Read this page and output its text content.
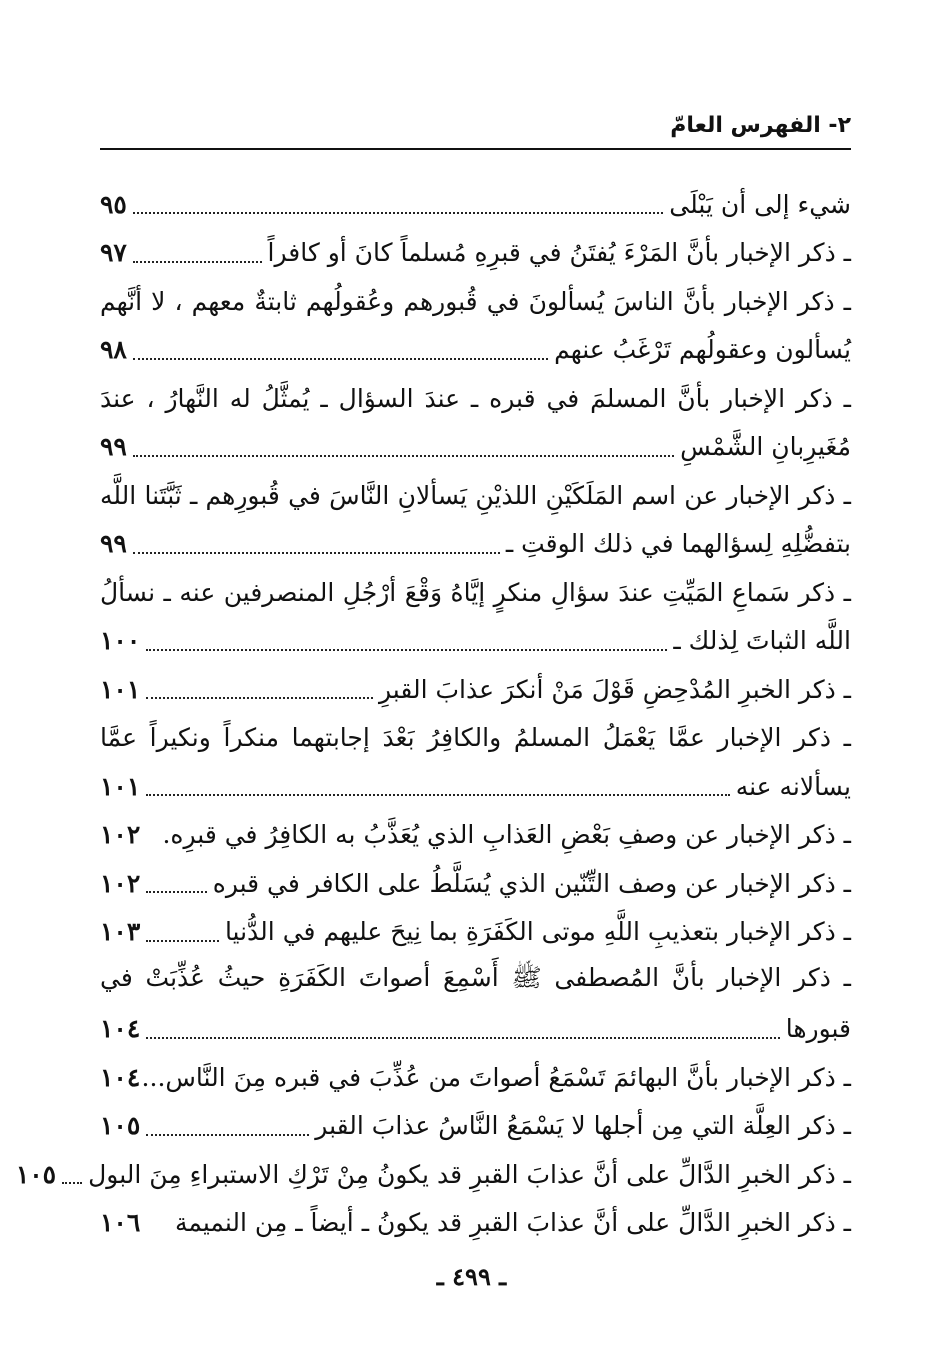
٢- الفهرس العامّ
شيء إلى أن يَبْلَى
٩٥
ـ ذكر الإخبار بأنَّ المَرْءَ يُفتَنُ في قبرِهِ مُسلماً كانَ أو كافراً
٩٧
ـ ذكر الإخبار بأنَّ الناسَ يُسألونَ في قُبورهم وعُقولُهم ثابتةٌ معهم ، لا أنَّهم
يُسألون وعقولُهم تَرْغَبُ عنهم
٩٨
ـ ذكر الإخبار بأنَّ المسلمَ في قبره ـ عندَ السؤال ـ يُمثَّلُ له النَّهارُ ، عندَ
مُغَيرِبانِ الشَّمْسِ
٩٩
ـ ذكر الإخبار عن اسم المَلَكَيْنِ اللذيْنِ يَسألانِ النَّاسَ في قُبورِهم ـ ثَبَّتَنا اللَّه
بتفضُّلِهِ لِسؤالهما في ذلك الوقتِ ـ
٩٩
ـ ذكر سَماعِ المَيِّتِ عندَ سؤالِ منكرٍ إيَّاهُ وَقْعَ أرْجُلِ المنصرفين عنه ـ نسألُ
اللَّه الثباتَ لِذلك ـ
١٠٠
ـ ذكر الخبرِ المُدْحِضِ قَوْلَ مَنْ أنكرَ عذابَ القبرِ
١٠١
ـ ذكر الإخبار عمَّا يَعْمَلُ المسلمُ والكافِرُ بَعْدَ إجابتهما منكراً ونكيراً عمَّا
يسألانه عنه
١٠١
ـ ذكر الإخبار عن وصفِ بَعْضِ العَذابِ الذي يُعَذَّبُ به الكافِرُ في قبرِه.
١٠٢
ـ ذكر الإخبار عن وصف التِّنّين الذي يُسَلَّطُ على الكافر في قبره
١٠٢
ـ ذكر الإخبار بتعذيبِ اللَّهِ موتى الكَفَرَةِ بما نِيحَ عليهم في الدُّنيا
١٠٣
ـ ذكر الإخبار بأنَّ المُصطفى ﷺ أَسْمِعَ أصواتَ الكَفَرَةِ حيثُ عُذِّبَتْ في
قبورها
١٠٤
ـ ذكر الإخبار بأنَّ البهائمَ تَسْمَعُ أصواتَ من عُذِّبَ في قبره مِنَ النَّاس...
١٠٤
ـ ذكر العِلَّة التي مِن أجلها لا يَسْمَعُ النَّاسُ عذابَ القبر
١٠٥
ـ ذكر الخبرِ الدَّالِّ على أنَّ عذابَ القبرِ قد يكونُ مِنْ تَرْكِ الاستبراءِ مِنَ البول
١٠٥
ـ ذكر الخبرِ الدَّالِّ على أنَّ عذابَ القبرِ قد يكونُ ـ أيضاً ـ مِن النميمة
١٠٦
ـ ٤٩٩ ـ
